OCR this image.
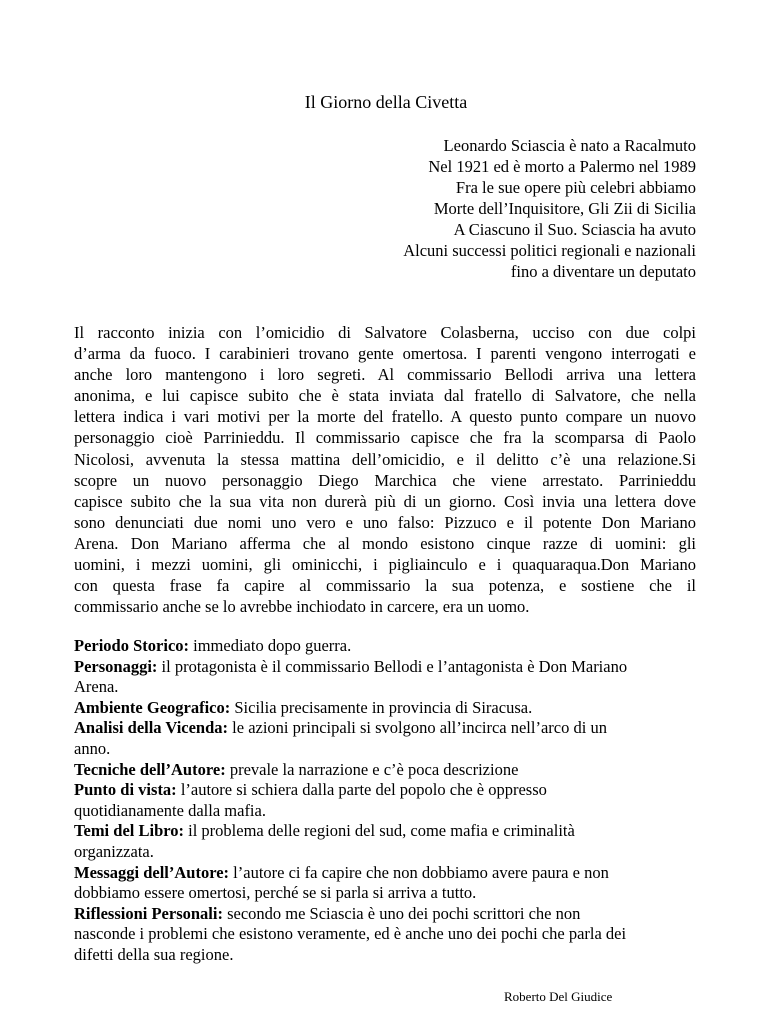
Il Giorno della Civetta
Leonardo Sciascia è nato a Racalmuto
Nel 1921 ed è morto a Palermo nel 1989
Fra le sue opere più celebri abbiamo
Morte dell’Inquisitore, Gli Zii di Sicilia
A Ciascuno il Suo. Sciascia ha avuto
Alcuni successi politici regionali e nazionali
fino a diventare un deputato
Il racconto inizia con l’omicidio di Salvatore Colasberna, ucciso con due colpi
d’arma da fuoco. I carabinieri trovano gente omertosa. I parenti vengono interrogati e
anche loro mantengono i loro segreti. Al commissario Bellodi arriva una lettera
anonima, e lui capisce subito che è stata inviata dal fratello di Salvatore, che nella
lettera indica i vari motivi per la morte del fratello. A questo punto compare un nuovo
personaggio cioè Parrinieddu. Il commissario capisce che fra la scomparsa di Paolo
Nicolosi, avvenuta la stessa mattina dell’omicidio, e il delitto c’è una relazione.Si
scopre un nuovo personaggio Diego Marchica che viene arrestato. Parrinieddu
capisce subito che la sua vita non durerà più di un giorno. Così invia una lettera dove
sono denunciati due nomi uno vero e uno falso: Pizzuco e il potente Don Mariano
Arena. Don Mariano afferma che al mondo esistono cinque razze di uomini: gli
uomini, i mezzi uomini, gli ominicchi, i pigliainculo e i quaquaraqua.Don Mariano
con questa frase fa capire al commissario la sua potenza, e sostiene che il
commissario anche se lo avrebbe inchiodato in carcere, era un uomo.
Periodo Storico: immediato dopo guerra.
Personaggi: il protagonista è il commissario Bellodi e l’antagonista è Don Mariano
Arena.
Ambiente Geografico: Sicilia precisamente in provincia di Siracusa.
Analisi della Vicenda: le azioni principali si svolgono all’incirca nell’arco di un
anno.
Tecniche dell’Autore: prevale la narrazione e c’è poca descrizione
Punto di vista: l’autore si schiera dalla parte del popolo che è oppresso
quotidianamente dalla mafia.
Temi del Libro: il problema delle regioni del sud, come mafia e criminalità
organizzata.
Messaggi dell’Autore: l’autore ci fa capire che non dobbiamo avere paura e non
dobbiamo essere omertosi, perché se si parla si arriva a tutto.
Riflessioni Personali: secondo me Sciascia è uno dei pochi scrittori che non
nasconde i problemi che esistono veramente, ed è anche uno dei pochi che parla dei
difetti della sua regione.
Roberto Del Giudice
